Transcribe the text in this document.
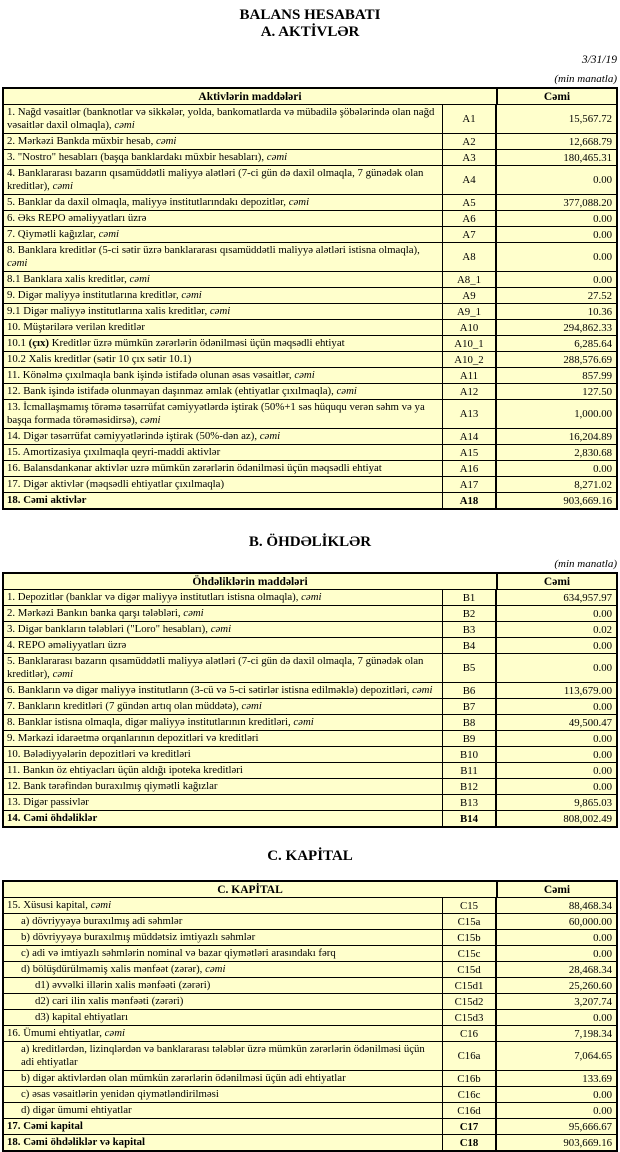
BALANS HESABATI
A. AKTİVLƏR
3/31/19
(min manatla)
Aktivlərin maddələri	Cəmi
1. Nağd vəsaitlər (banknotlar və sikkələr, yolda, bankomatlarda və mübadilə şöbələrində olan nağd vəsaitlər daxil olmaqla), cəmi	A1	15,567.72
2. Mərkəzi Bankda müxbir hesab, cəmi	A2	12,668.79
3. "Nostro" hesabları (başqa banklardakı müxbir hesabları), cəmi	A3	180,465.31
4. Banklararası bazarın qısamüddətli maliyyə alətləri (7-ci gün də daxil olmaqla, 7 günədək olan kreditlər), cəmi	A4	0.00
5. Banklar da daxil olmaqla, maliyyə institutlarındakı depozitlər, cəmi	A5	377,088.20
6. Əks REPO əməliyyatları üzrə	A6	0.00
7. Qiymətli kağızlar, cəmi	A7	0.00
8. Banklara kreditlər (5-ci sətir üzrə banklararası qısamüddətli maliyyə alətləri istisna olmaqla), cəmi	A8	0.00
8.1 Banklara xalis kreditlər, cəmi	A8_1	0.00
9. Digər maliyyə institutlarına kreditlər, cəmi	A9	27.52
9.1 Digər maliyyə institutlarına xalis kreditlər, cəmi	A9_1	10.36
10. Müştərilərə verilən kreditlər	A10	294,862.33
10.1 (çıx) Kreditlər üzrə mümkün zərərlərin ödənilməsi üçün məqsədli ehtiyat	A10_1	6,285.64
10.2 Xalis kreditlər (sətir 10 çıx sətir 10.1)	A10_2	288,576.69
11. Könəlmə çıxılmaqla bank işində istifadə olunan əsas vəsaitlər, cəmi	A11	857.99
12. Bank işində istifadə olunmayan daşınmaz əmlak (ehtiyatlar çıxılmaqla), cəmi	A12	127.50
13. İcmallaşmamış törəmə təsərrüfat cəmiyyətlərdə iştirak (50%+1 səs hüququ verən səhm və ya başqa formada törəməsidirsə), cəmi	A13	1,000.00
14. Digər təsərrüfat cəmiyyətlərində iştirak (50%-dən az), cəmi	A14	16,204.89
15. Amortizasiya çıxılmaqla qeyri-maddi aktivlər	A15	2,830.68
16. Balansdankənar aktivlər uzrə mümkün zərərlərin ödənilməsi üçün məqsədli ehtiyat	A16	0.00
17. Digər aktivlər (məqsədli ehtiyatlar çıxılmaqla)	A17	8,271.02
18. Cəmi aktivlər	A18	903,669.16
B. ÖHDƏLİKLƏR
(min manatla)
Öhdəliklərin maddələri	Cəmi
1. Depozitlər (banklar və digər maliyyə institutları istisna olmaqla), cəmi	B1	634,957.97
2. Mərkəzi Bankın banka qarşı tələbləri, cəmi	B2	0.00
3. Digər bankların tələbləri ("Loro" hesabları), cəmi	B3	0.02
4. REPO əməliyyatları üzrə	B4	0.00
5. Banklararası bazarın qısamüddətli maliyyə alətləri (7-ci gün də daxil olmaqla, 7 günədək olan kreditlər), cəmi	B5	0.00
6. Bankların və digər maliyyə institutların (3-cü və 5-ci sətirlər istisna edilməklə) depozitləri, cəmi	B6	113,679.00
7. Bankların kreditləri (7 gündən artıq olan müddətə), cəmi	B7	0.00
8. Banklar istisna olmaqla, digər maliyyə institutlarının kreditləri, cəmi	B8	49,500.47
9. Mərkəzi idarəetmə orqanlarının depozitləri və kreditləri	B9	0.00
10. Bələdiyyələrin depozitləri və kreditləri	B10	0.00
11. Bankın öz ehtiyacları üçün aldığı ipoteka kreditləri	B11	0.00
12. Bank tərəfindən buraxılmış qiymətli kağızlar	B12	0.00
13. Digər passivlər	B13	9,865.03
14. Cəmi öhdəliklər	B14	808,002.49
C. KAPİTAL
C. KAPİTAL	Cəmi
15. Xüsusi kapital, cəmi	C15	88,468.34
a) dövriyyəyə buraxılmış adi səhmlər	C15a	60,000.00
b) dövriyyəyə buraxılmış müddətsiz imtiyazlı səhmlər	C15b	0.00
c) adi və imtiyazlı səhmlərin nominal və bazar qiymətləri arasındakı fərq	C15c	0.00
d) bölüşdürülməmiş xalis mənfəət (zərər), cəmi	C15d	28,468.34
d1) əvvəlki illərin xalis mənfəəti (zərəri)	C15d1	25,260.60
d2) cari ilin xalis mənfəəti (zərəri)	C15d2	3,207.74
d3) kapital ehtiyatları	C15d3	0.00
16. Ümumi ehtiyatlar, cəmi	C16	7,198.34
a) kreditlərdən, lizinqlərdən və banklararası tələblər üzrə mümkün zərərlərin ödənilməsi üçün adi ehtiyatlar	C16a	7,064.65
b) digər aktivlərdən olan mümkün zərərlərin ödənilməsi üçün adi ehtiyatlar	C16b	133.69
c) əsas vəsaitlərin yenidən qiymətləndirilməsi	C16c	0.00
d) digər ümumi ehtiyatlar	C16d	0.00
17. Cəmi kapital	C17	95,666.67
18. Cəmi öhdəliklər və kapital	C18	903,669.16
